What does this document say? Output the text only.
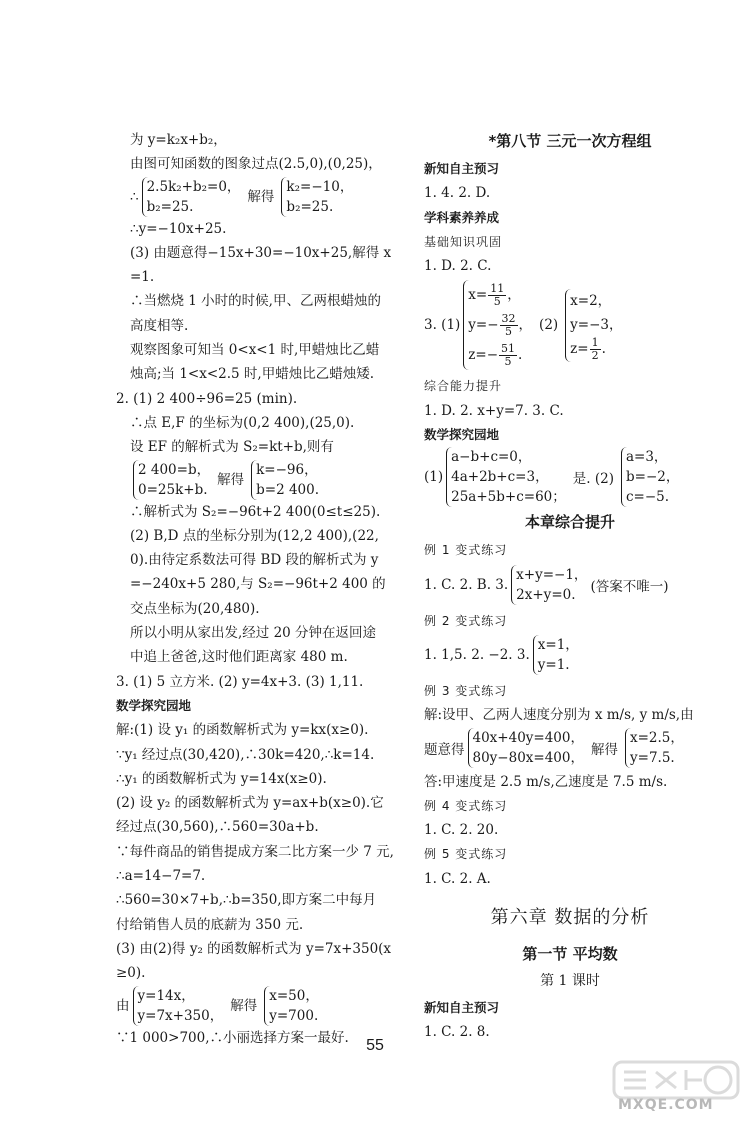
为 y=k₂x+b₂，
由图可知函数的图象过点(2.5,0),(0,25)，
∴
2.5k₂+b₂=0，
b₂=25.
解得
k₂=−10，
b₂=25.
∴y=−10x+25.
(3) 由题意得−15x+30=−10x+25,解得 x
=1.
∴当燃烧 1 小时的时候,甲、乙两根蜡烛的
高度相等.
观察图象可知当 0<x<1 时,甲蜡烛比乙蜡
烛高;当 1<x<2.5 时,甲蜡烛比乙蜡烛矮.
2. (1) 2 400÷96=25 (min).
∴点 E,F 的坐标为(0,2 400),(25,0).
设 EF 的解析式为 S₂=kt+b,则有
2 400=b，
0=25k+b.
解得
k=−96，
b=2 400.
∴解析式为 S₂=−96t+2 400(0≤t≤25).
(2) B,D 点的坐标分别为(12,2 400),(22,
0).由待定系数法可得 BD 段的解析式为 y
=−240x+5 280,与 S₂=−96t+2 400 的
交点坐标为(20,480).
所以小明从家出发,经过 20 分钟在返回途
中追上爸爸,这时他们距离家 480 m.
3. (1) 5 立方米. (2) y=4x+3. (3) 1,11.
数学探究园地
解:(1) 设 y₁ 的函数解析式为 y=kx(x≥0).
∵y₁ 经过点(30,420),∴30k=420,∴k=14.
∴y₁ 的函数解析式为 y=14x(x≥0).
(2) 设 y₂ 的函数解析式为 y=ax+b(x≥0).它
经过点(30,560),∴560=30a+b.
∵每件商品的销售提成方案二比方案一少 7 元,
∴a=14−7=7.
∴560=30×7+b,∴b=350,即方案二中每月
付给销售人员的底薪为 350 元.
(3) 由(2)得 y₂ 的函数解析式为 y=7x+350(x
≥0).
由
y=14x，
y=7x+350，
解得
x=50，
y=700.
∵1 000>700,∴小丽选择方案一最好.
*第八节 三元一次方程组
新知自主预习
1. 4. 2. D.
学科素养养成
基础知识巩固
1. D. 2. C.
3. (1)
$x= \frac{11}{5}$ ，
$y=- \frac{32}{5}$ ，
$z=- \frac{51}{5}$ .
(2)
x=2，
y=−3，
$z= \frac{1}{2}$ .
综合能力提升
1. D. 2. x+y=7. 3. C.
数学探究园地
(1)
a−b+c=0，
4a+2b+c=3，
25a+5b+c=60；
是. (2)
a=3，
b=−2，
c=−5.
本章综合提升
例 1 变式练习
1. C. 2. B. 3.
x+y=−1，
2x+y=0.	(答案不唯一)
例 2 变式练习
1. 1,5. 2. −2. 3.
x=1，
y=1.
例 3 变式练习
解:设甲、乙两人速度分别为 x m/s, y m/s,由
题意得
40x+40y=400，
80y−80x=400， 解得
x=2.5，
y=7.5.
答:甲速度是 2.5 m/s,乙速度是 7.5 m/s.
例 4 变式练习
1. C. 2. 20.
例 5 变式练习
1. C. 2. A.
第六章 数据的分析
第一节 平均数
第 1 课时
新知自主预习
1. C. 2. 8.
55
MXQE.COM
